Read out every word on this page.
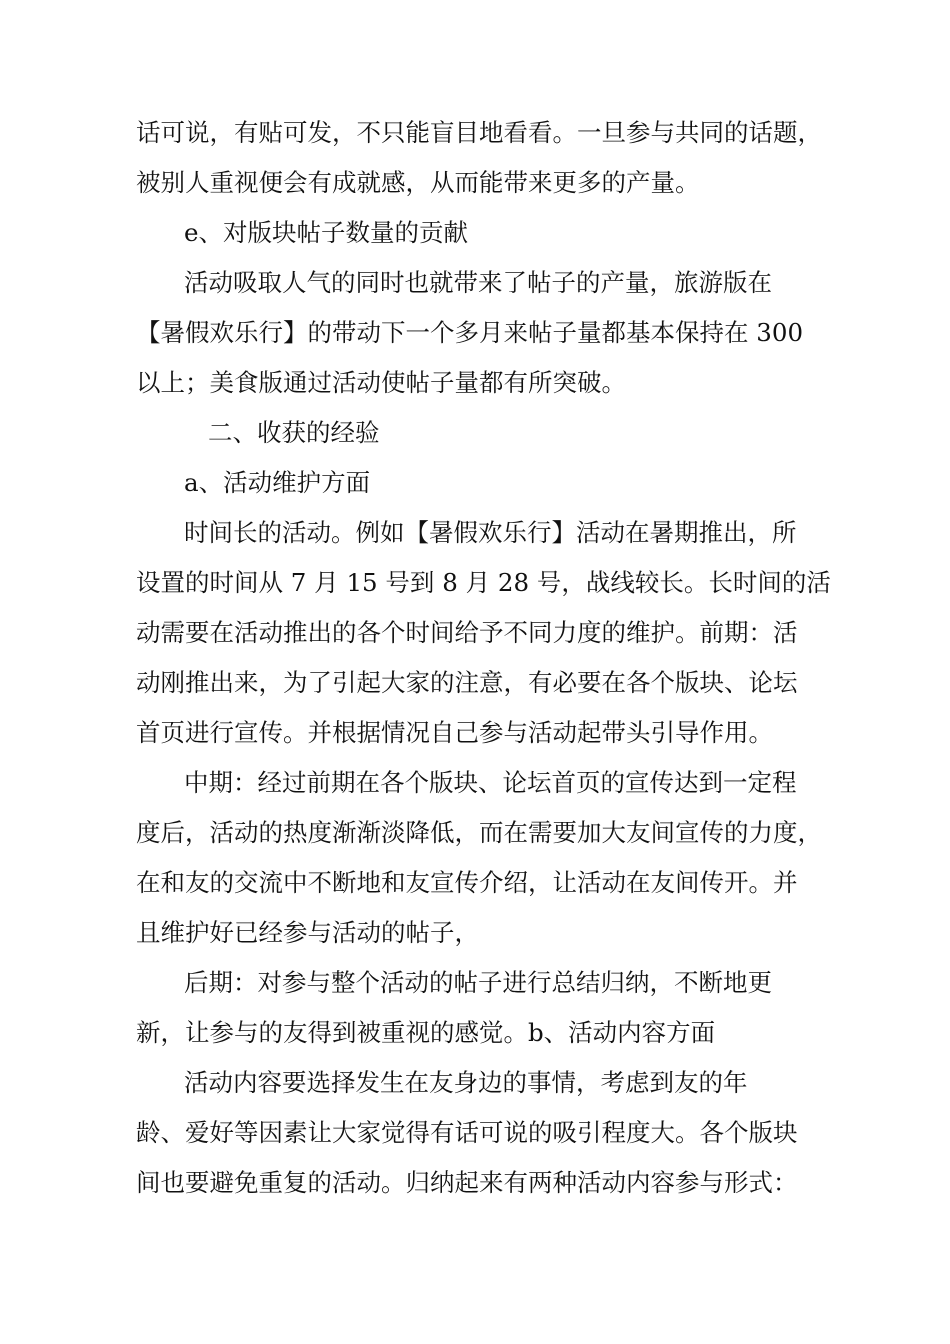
话可说，有贴可发，不只能盲目地看看。一旦参与共同的话题，
被别人重视便会有成就感，从而能带来更多的产量。
e、对版块帖子数量的贡献
活动吸取人气的同时也就带来了帖子的产量，旅游版在
【暑假欢乐行】的带动下一个多月来帖子量都基本保持在 300
以上；美食版通过活动使帖子量都有所突破。
二、收获的经验
a、活动维护方面
时间长的活动。例如【暑假欢乐行】活动在暑期推出，所
设置的时间从 7 月 15 号到 8 月 28 号，战线较长。长时间的活
动需要在活动推出的各个时间给予不同力度的维护。前期：活
动刚推出来，为了引起大家的注意，有必要在各个版块、论坛
首页进行宣传。并根据情况自己参与活动起带头引导作用。
中期：经过前期在各个版块、论坛首页的宣传达到一定程
度后，活动的热度渐渐淡降低，而在需要加大友间宣传的力度，
在和友的交流中不断地和友宣传介绍，让活动在友间传开。并
且维护好已经参与活动的帖子，
后期：对参与整个活动的帖子进行总结归纳，不断地更
新，让参与的友得到被重视的感觉。b、活动内容方面
活动内容要选择发生在友身边的事情，考虑到友的年
龄、爱好等因素让大家觉得有话可说的吸引程度大。各个版块
间也要避免重复的活动。归纳起来有两种活动内容参与形式：
